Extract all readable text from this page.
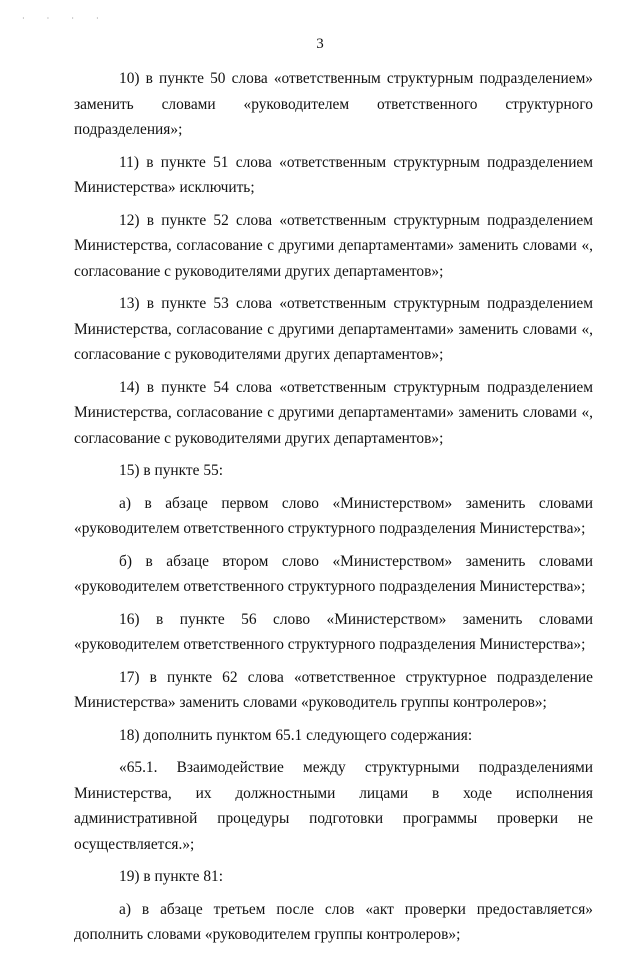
· · · ·
3

10) в пункте 50 слова «ответственным структурным подразделением» заменить словами «руководителем ответственного структурного подразделения»;

11) в пункте 51 слова «ответственным структурным подразделением Министерства» исключить;

12) в пункте 52 слова «ответственным структурным подразделением Министерства, согласование с другими департаментами» заменить словами «, согласование с руководителями других департаментов»;

13) в пункте 53 слова «ответственным структурным подразделением Министерства, согласование с другими департаментами» заменить словами «, согласование с руководителями других департаментов»;

14) в пункте 54 слова «ответственным структурным подразделением Министерства, согласование с другими департаментами» заменить словами «, согласование с руководителями других департаментов»;

15) в пункте 55:

а) в абзаце первом слово «Министерством» заменить словами «руководителем ответственного структурного подразделения Министерства»;

б) в абзаце втором слово «Министерством» заменить словами «руководителем ответственного структурного подразделения Министерства»;

16) в пункте 56 слово «Министерством» заменить словами «руководителем ответственного структурного подразделения Министерства»;

17) в пункте 62 слова «ответственное структурное подразделение Министерства» заменить словами «руководитель группы контролеров»;

18) дополнить пунктом 65.1 следующего содержания:

«65.1. Взаимодействие между структурными подразделениями Министерства, их должностными лицами в ходе исполнения административной процедуры подготовки программы проверки не осуществляется.»;

19) в пункте 81:

а) в абзаце третьем после слов «акт проверки предоставляется» дополнить словами «руководителем группы контролеров»;
